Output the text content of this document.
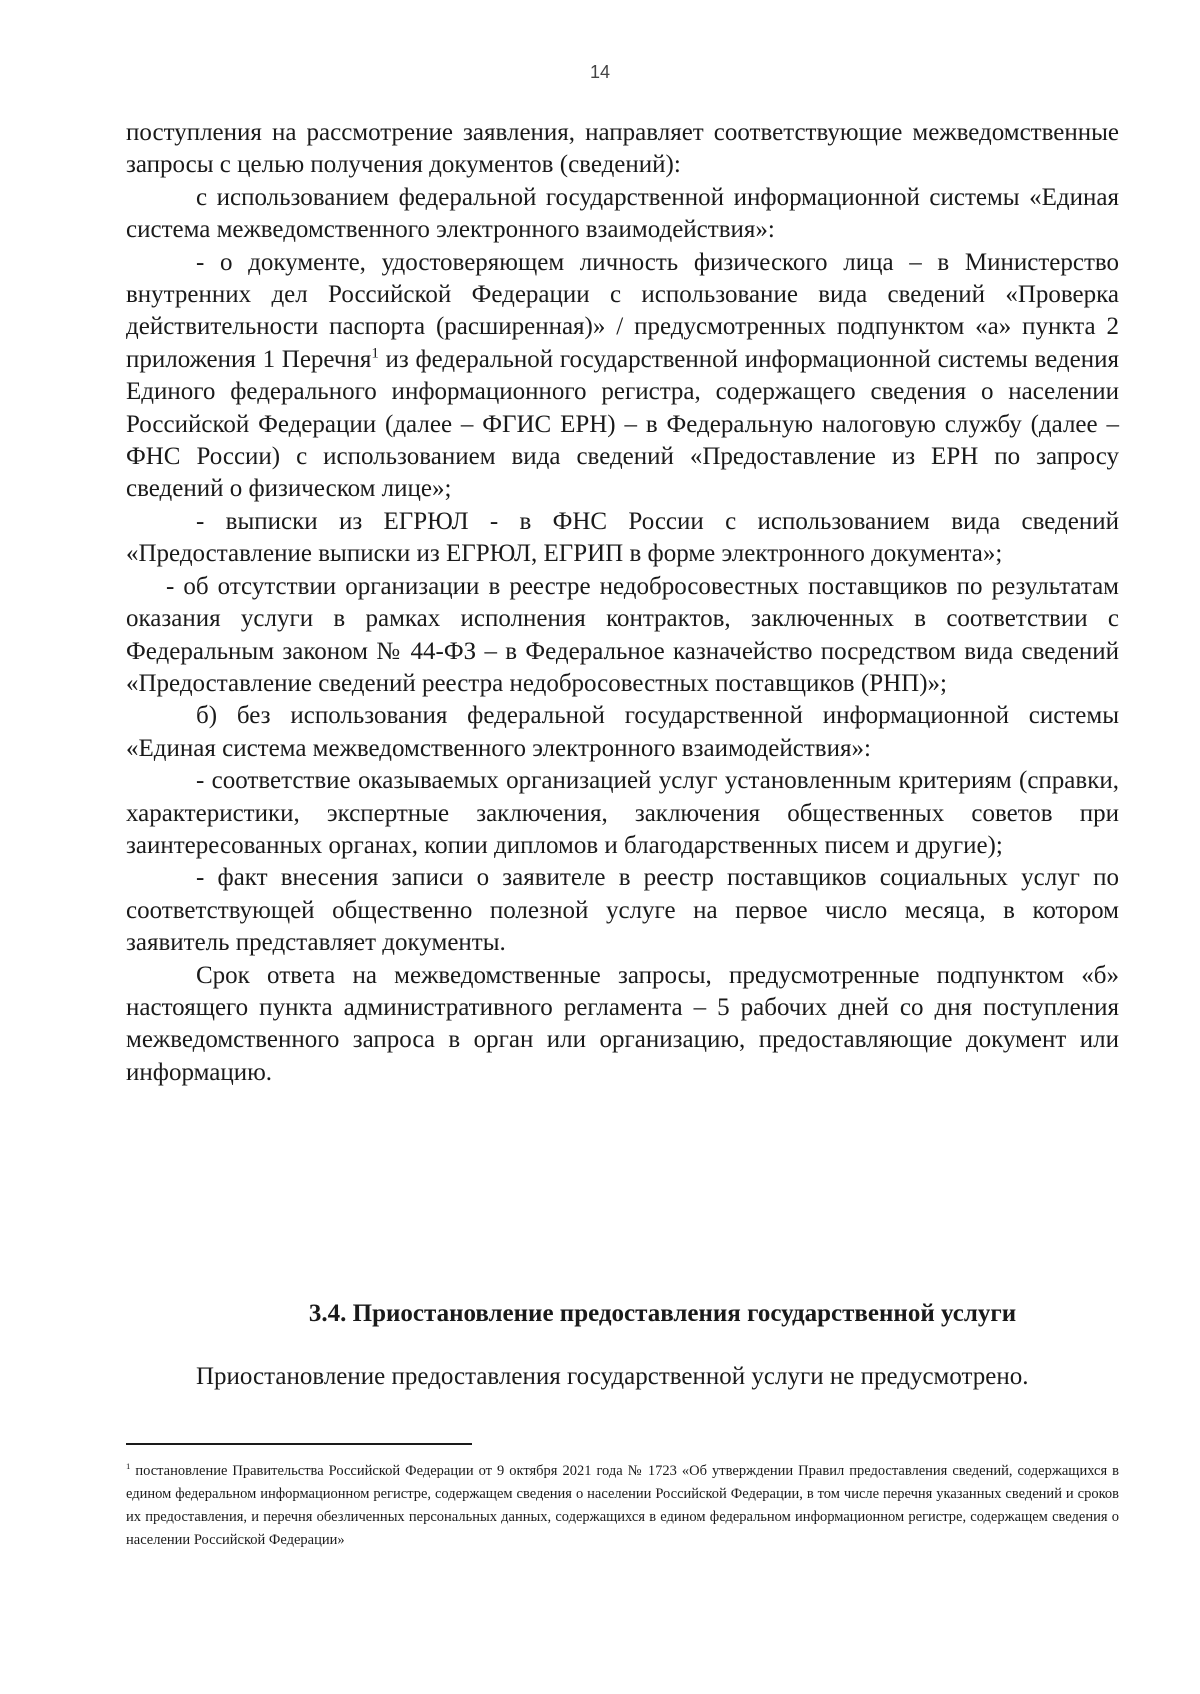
14

поступления на рассмотрение заявления, направляет соответствующие межведомственные запросы с целью получения документов (сведений):

с использованием федеральной государственной информационной системы «Единая система межведомственного электронного взаимодействия»:

- о документе, удостоверяющем личность физического лица – в Министерство внутренних дел Российской Федерации с использование вида сведений «Проверка действительности паспорта (расширенная)» / предусмотренных подпунктом «а» пункта 2 приложения 1 Перечня$^1$ из федеральной государственной информационной системы ведения Единого федерального информационного регистра, содержащего сведения о населении Российской Федерации (далее – ФГИС ЕРН) – в Федеральную налоговую службу (далее – ФНС России) с использованием вида сведений «Предоставление из ЕРН по запросу сведений о физическом лице»;

- выписки из ЕГРЮЛ - в ФНС России с использованием вида сведений «Предоставление выписки из ЕГРЮЛ, ЕГРИП в форме электронного документа»;

- об отсутствии организации в реестре недобросовестных поставщиков по результатам оказания услуги в рамках исполнения контрактов, заключенных в соответствии с Федеральным законом № 44-ФЗ – в Федеральное казначейство посредством вида сведений «Предоставление сведений реестра недобросовестных поставщиков (РНП)»;

б) без использования федеральной государственной информационной системы «Единая система межведомственного электронного взаимодействия»:

- соответствие оказываемых организацией услуг установленным критериям (справки, характеристики, экспертные заключения, заключения общественных советов при заинтересованных органах, копии дипломов и благодарственных писем и другие);

- факт внесения записи о заявителе в реестр поставщиков социальных услуг по соответствующей общественно полезной услуге на первое число месяца, в котором заявитель представляет документы.

Срок ответа на межведомственные запросы, предусмотренные подпунктом «б» настоящего пункта административного регламента – 5 рабочих дней со дня поступления межведомственного запроса в орган или организацию, предоставляющие документ или информацию.

3.4. Приостановление предоставления государственной услуги

Приостановление предоставления государственной услуги не предусмотрено.

$^1$ постановление Правительства Российской Федерации от 9 октября 2021 года № 1723 «Об утверждении Правил предоставления сведений, содержащихся в едином федеральном информационном регистре, содержащем сведения о населении Российской Федерации, в том числе перечня указанных сведений и сроков их предоставления, и перечня обезличенных персональных данных, содержащихся в едином федеральном информационном регистре, содержащем сведения о населении Российской Федерации»
